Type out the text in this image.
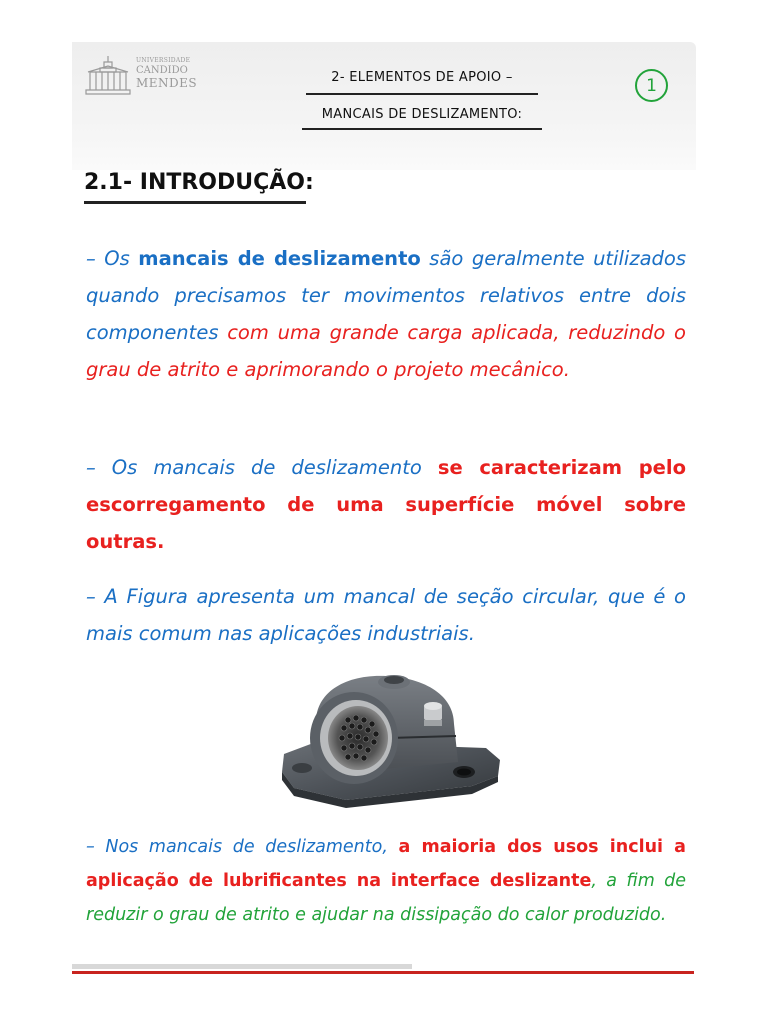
UNIVERSIDADE
CANDIDO
MENDES	2- ELEMENTOS DE APOIO –
MANCAIS DE DESLIZAMENTO:
1
2.1- INTRODUÇÃO:
– Os mancais de deslizamento são geralmente utilizados quando precisamos ter movimentos relativos entre dois componentes com uma grande carga aplicada, reduzindo o grau de atrito e aprimorando o projeto mecânico.
– Os mancais de deslizamento se caracterizam pelo escorregamento de uma superfície móvel sobre outras.
– A Figura apresenta um mancal de seção circular, que é o mais comum nas aplicações industriais.
– Nos mancais de deslizamento, a maioria dos usos inclui a aplicação de lubrificantes na interface deslizante, a fim de reduzir o grau de atrito e ajudar na dissipação do calor produzido.
